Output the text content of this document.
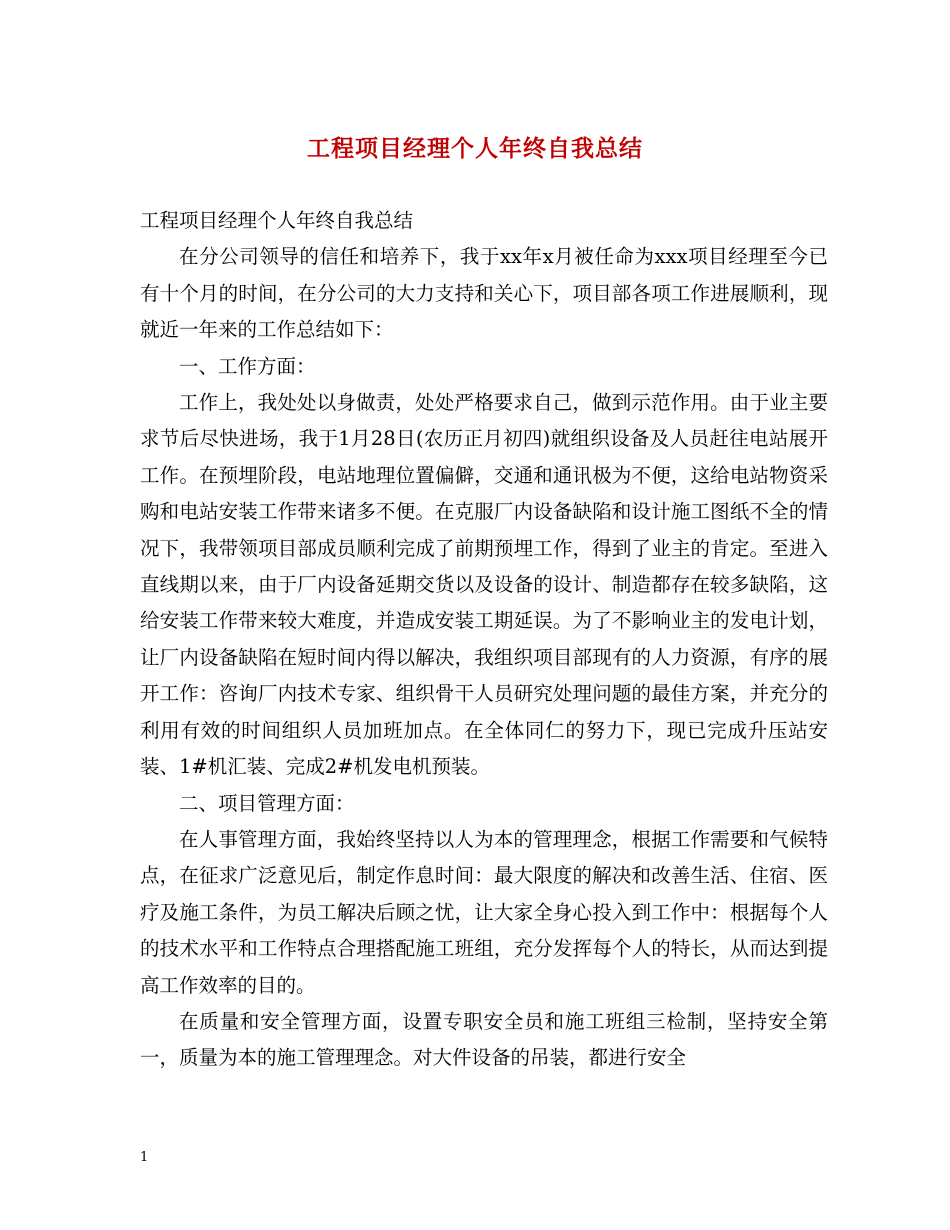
工程项目经理个人年终自我总结

工程项目经理个人年终自我总结

在分公司领导的信任和培养下，我于xx年x月被任命为xxx项目经理至今已有十个月的时间，在分公司的大力支持和关心下，项目部各项工作进展顺利，现就近一年来的工作总结如下：

一、工作方面：

工作上，我处处以身做责，处处严格要求自己，做到示范作用。由于业主要求节后尽快进场，我于1月28日(农历正月初四)就组织设备及人员赶往电站展开工作。在预埋阶段，电站地理位置偏僻，交通和通讯极为不便，这给电站物资采购和电站安装工作带来诸多不便。在克服厂内设备缺陷和设计施工图纸不全的情况下，我带领项目部成员顺利完成了前期预埋工作，得到了业主的肯定。至进入直线期以来，由于厂内设备延期交货以及设备的设计、制造都存在较多缺陷，这给安装工作带来较大难度，并造成安装工期延误。为了不影响业主的发电计划，让厂内设备缺陷在短时间内得以解决，我组织项目部现有的人力资源，有序的展开工作：咨询厂内技术专家、组织骨干人员研究处理问题的最佳方案，并充分的利用有效的时间组织人员加班加点。在全体同仁的努力下，现已完成升压站安装、1#机汇装、完成2#机发电机预装。

二、项目管理方面：

在人事管理方面，我始终坚持以人为本的管理理念，根据工作需要和气候特点，在征求广泛意见后，制定作息时间：最大限度的解决和改善生活、住宿、医疗及施工条件，为员工解决后顾之忧，让大家全身心投入到工作中：根据每个人的技术水平和工作特点合理搭配施工班组，充分发挥每个人的特长，从而达到提高工作效率的目的。

在质量和安全管理方面，设置专职安全员和施工班组三检制，坚持安全第一，质量为本的施工管理理念。对大件设备的吊装，都进行安全

1
